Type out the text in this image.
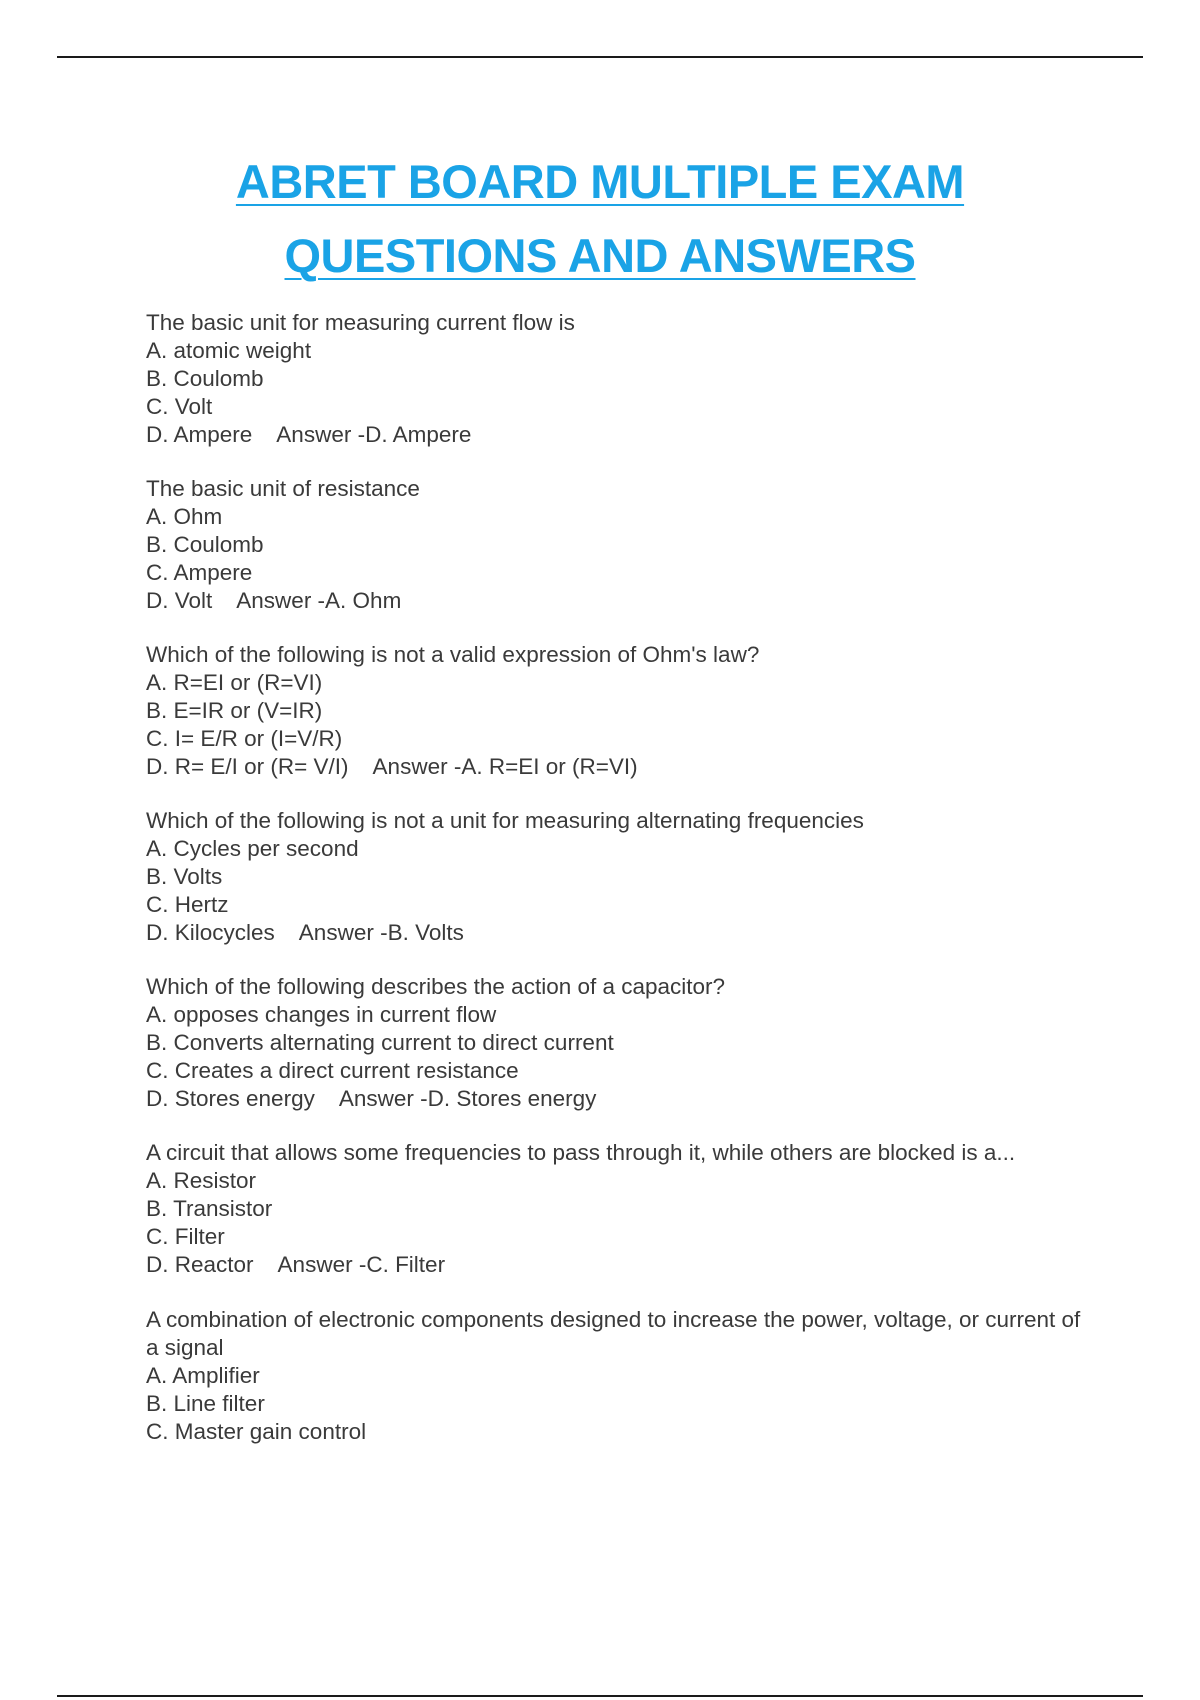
ABRET BOARD MULTIPLE EXAM
QUESTIONS AND ANSWERS
The basic unit for measuring current flow is
A. atomic weight
B. Coulomb
C. Volt
D. Ampere Answer -D. Ampere
The basic unit of resistance
A. Ohm
B. Coulomb
C. Ampere
D. Volt Answer -A. Ohm
Which of the following is not a valid expression of Ohm's law?
A. R=EI or (R=VI)
B. E=IR or (V=IR)
C. I= E/R or (I=V/R)
D. R= E/I or (R= V/I) Answer -A. R=EI or (R=VI)
Which of the following is not a unit for measuring alternating frequencies
A. Cycles per second
B. Volts
C. Hertz
D. Kilocycles Answer -B. Volts
Which of the following describes the action of a capacitor?
A. opposes changes in current flow
B. Converts alternating current to direct current
C. Creates a direct current resistance
D. Stores energy Answer -D. Stores energy
A circuit that allows some frequencies to pass through it, while others are blocked is a...
A. Resistor
B. Transistor
C. Filter
D. Reactor Answer -C. Filter
A combination of electronic components designed to increase the power, voltage, or current of a signal
A. Amplifier
B. Line filter
C. Master gain control
